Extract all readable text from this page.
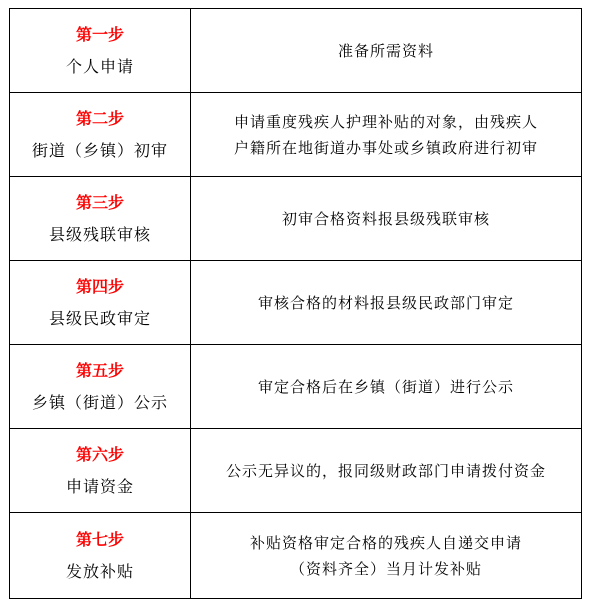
第一步
个人申请	准备所需资料

第二步
街道（乡镇）初审	申请重度残疾人护理补贴的对象，由残疾人
户籍所在地街道办事处或乡镇政府进行初审

第三步
县级残联审核	初审合格资料报县级残联审核

第四步
县级民政审定	审核合格的材料报县级民政部门审定

第五步
乡镇（街道）公示	审定合格后在乡镇（街道）进行公示

第六步
申请资金	公示无异议的，报同级财政部门申请拨付资金

第七步
发放补贴	补贴资格审定合格的残疾人自递交申请
（资料齐全）当月计发补贴
